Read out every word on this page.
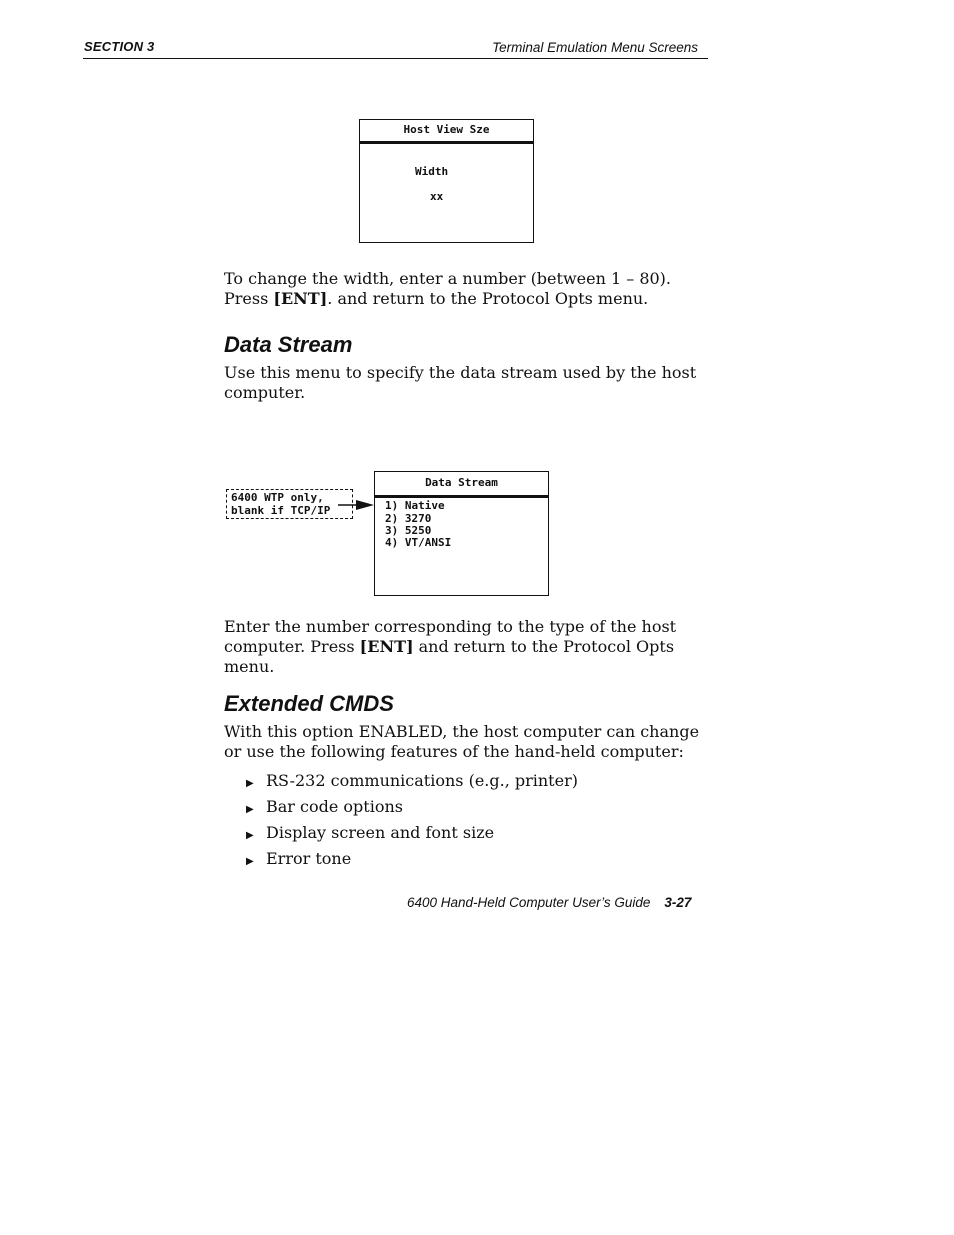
SECTION 3	Terminal Emulation Menu Screens
Host View Sze
Width
xx
To change the width, enter a number (between 1 – 80).
Press [ENT]. and return to the Protocol Opts menu.
Data Stream
Use this menu to specify the data stream used by the host
computer.
6400 WTP only,
blank if TCP/IP
Data Stream
1) Native
2) 3270
3) 5250
4) VT/ANSI
Enter the number corresponding to the type of the host
computer. Press [ENT] and return to the Protocol Opts
menu.
Extended CMDS
With this option ENABLED, the host computer can change
or use the following features of the hand-held computer:
▶ RS-232 communications (e.g., printer)
▶ Bar code options
▶ Display screen and font size
▶ Error tone
6400 Hand-Held Computer User’s Guide 3-27
